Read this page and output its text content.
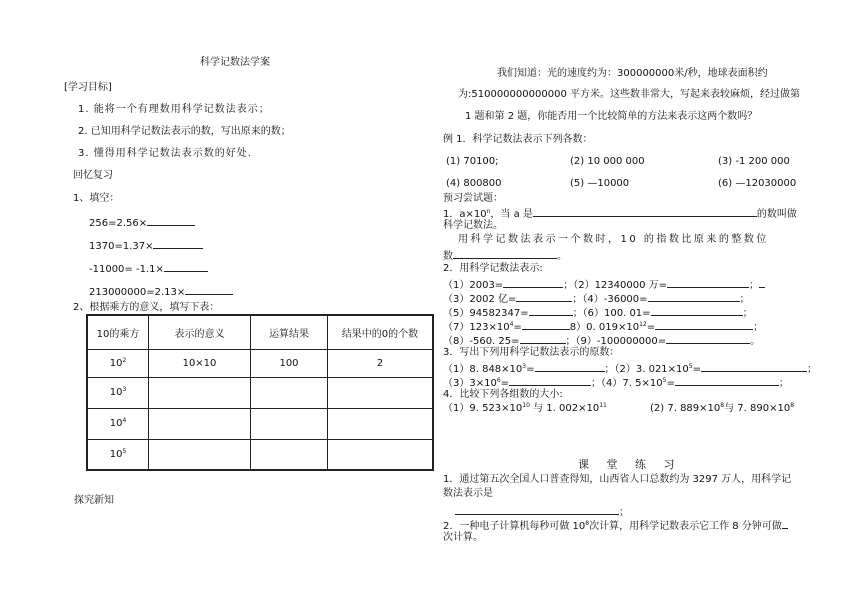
科学记数法学案
[学习目标]
1. 能将一个有理数用科学记数法表示；
2. 已知用科学记数法表示的数，写出原来的数；
3. 懂得用科学记数法表示数的好处.
回忆复习
1、填空：
256=2.56×
1370=1.37×
-11000= -1.1×
213000000=2.13×
2、根据乘方的意义，填写下表：
10的乘方	表示的意义	运算结果	结果中的0的个数
$10^2$	10×10	100	2
$10^3$			
$10^4$			
$10^5$			
探究新知
我们知道：光的速度约为：300000000米/秒，地球表面积约
为:510000000000000 平方米。这些数非常大，写起来表较麻烦，经过做第
1 题和第 2 题，你能否用一个比较简单的方法来表示这两个数吗？
例 1．科学记数法表示下列各数：
(1) 70100;	(2) 10 000 000	(3) -1 200 000
(4) 800800	(5) —10000	(6) —12030000
预习尝试题：
1．$a\times 10^n$，当 a 是	的数叫做
科学记数法。
用科学记数法表示一个数时，10 的指数比原来的整数位
数	。
2．用科学记数法表示:
（1）2003=	；（2）12340000 万=	；
（3）2002 亿=	；（4）-36000=	；
（5）94582347=	；（6）100. 01=	；
$(7)123\times 10^4=$	8）0. $019\times 10^{12}=$	；
（8）-560. 25=	；（9）-100000000=	。
3．写出下列用科学记数法表示的原数：
（1）8. $848\times 10^3=$	；（2）3. $021\times 10^5=$	；
$(3)3\times 10^6=$	；（4）7. $5\times 10^5=$	；
4．比较下列各组数的大小:
（1）9. $523\times 10^{10}$ 与 1. $002\times 10^{11}$	(2) 7. $889\times 10^8$与 7. $890\times 10^8$
课 堂 练 习
1．通过第五次全国人口普查得知，山西省人口总数约为 3297 万人，用科学记
数法表示是
；
2．一种电子计算机每秒可做 $10^8$次计算，用科学记数表示它工作 8 分钟可做
次计算。
